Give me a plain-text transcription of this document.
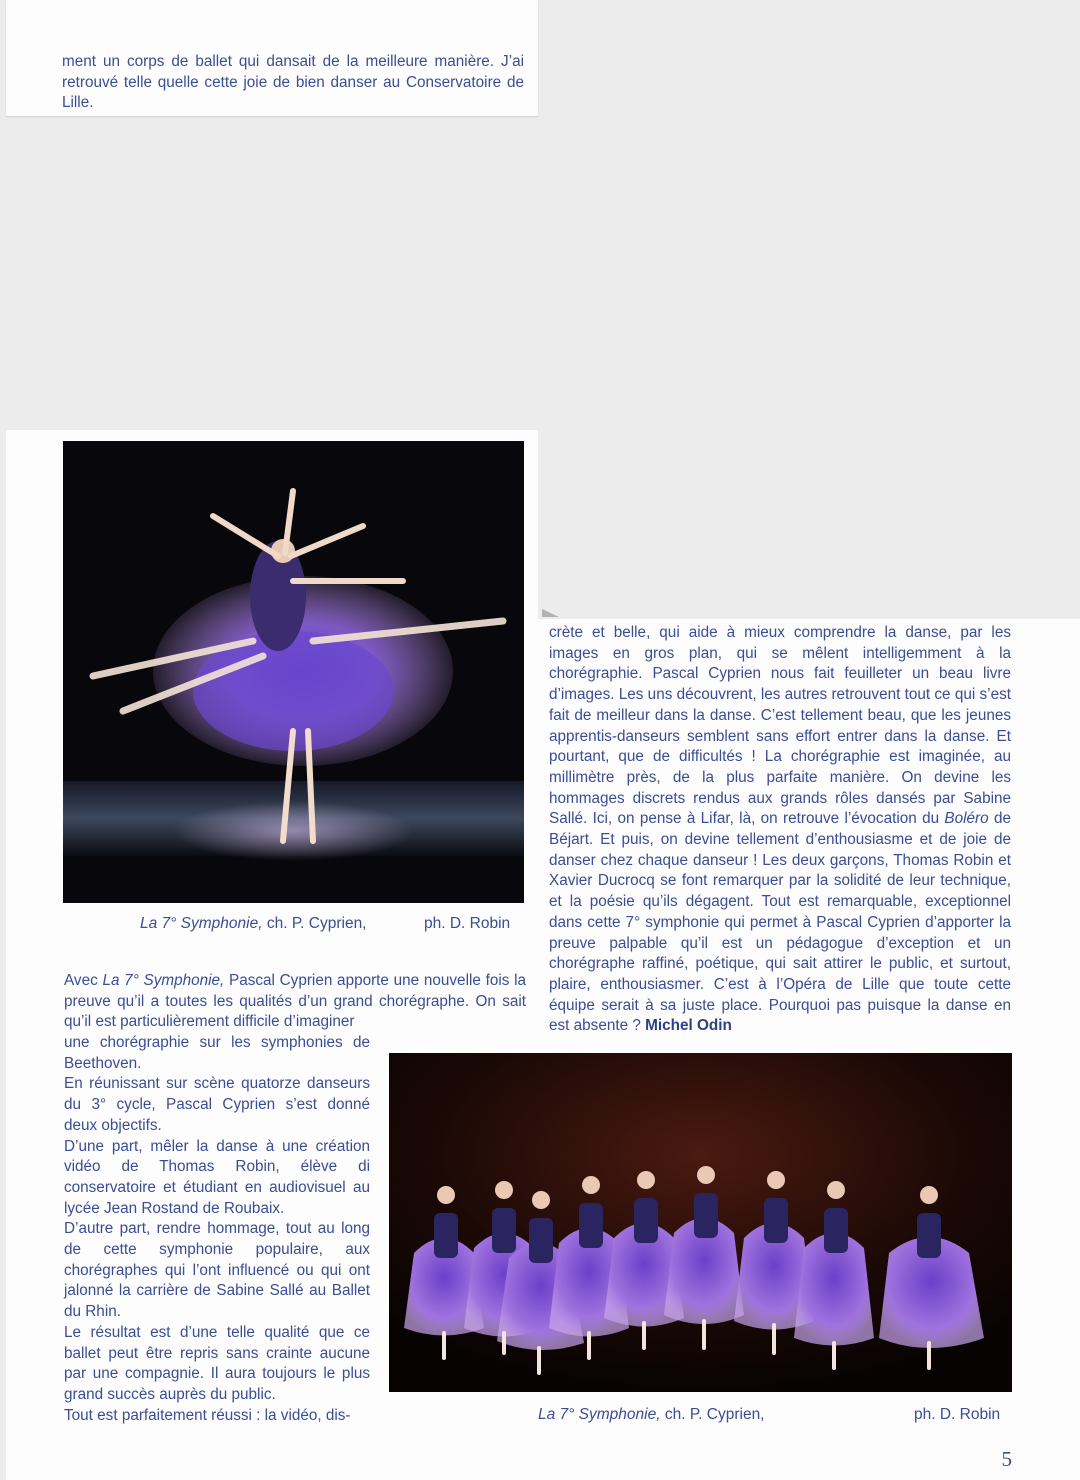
ment un corps de ballet qui dansait de la meilleure manière. J’ai retrouvé telle quelle cette joie de bien danser au Conservatoire de Lille.
La 7° Symphonie, ch. P. Cyprien,	ph. D. Robin
Avec La 7° Symphonie, Pascal Cyprien apporte une nouvelle fois la preuve qu’il a toutes les qualités d’un grand chorégraphe. On sait qu’il est particulièrement difficile d’imaginer

une chorégraphie sur les symphonies de Beethoven.

En réunissant sur scène quatorze danseurs du 3° cycle, Pascal Cyprien s’est donné deux objectifs.

D’une part, mêler la danse à une création vidéo de Thomas Robin, élève di conservatoire et étudiant en audiovisuel au lycée Jean Rostand de Roubaix.

D’autre part, rendre hommage, tout au long de cette symphonie populaire, aux chorégraphes qui l’ont influencé ou qui ont jalonné la carrière de Sabine Sallé au Ballet du Rhin.

Le résultat est d’une telle qualité que ce ballet peut être repris sans crainte aucune par une compagnie. Il aura toujours le plus grand succès auprès du public.

Tout est parfaitement réussi : la vidéo, dis-

crète et belle, qui aide à mieux comprendre la danse, par les images en gros plan, qui se mêlent intelligemment à la chorégraphie. Pascal Cyprien nous fait feuilleter un beau livre d’images. Les uns découvrent, les autres retrouvent tout ce qui s’est fait de meilleur dans la danse. C’est tellement beau, que les jeunes apprentis-danseurs semblent sans effort entrer dans la danse. Et pourtant, que de difficultés ! La chorégraphie est imaginée, au millimètre près, de la plus parfaite manière. On devine les hommages discrets rendus aux grands rôles dansés par Sabine Sallé. Ici, on pense à Lifar, là, on retrouve l’évocation du Boléro de Béjart. Et puis, on devine tellement d’enthousiasme et de joie de danser chez chaque danseur ! Les deux garçons, Thomas Robin et Xavier Ducrocq se font remarquer par la solidité de leur technique, et la poésie qu’ils dégagent. Tout est remarquable, exceptionnel dans cette 7° symphonie qui permet à Pascal Cyprien d’apporter la preuve palpable qu’il est un pédagogue d’exception et un chorégraphe raffiné, poétique, qui sait attirer le public, et surtout, plaire, enthousiasmer. C’est à l’Opéra de Lille que toute cette équipe serait à sa juste place. Pourquoi pas puisque la danse en est absente ? Michel Odin
La 7° Symphonie, ch. P. Cyprien,	ph. D. Robin
5
